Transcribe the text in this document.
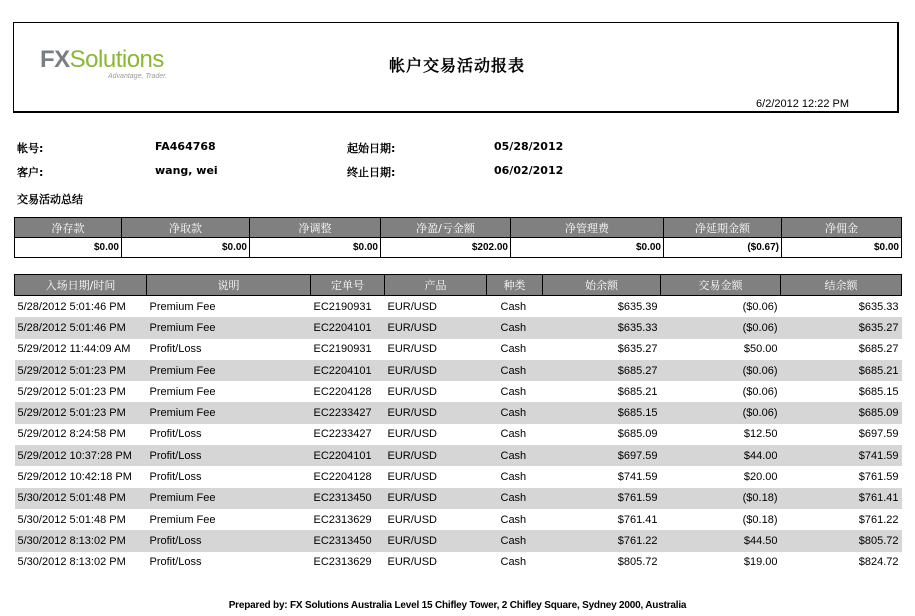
FXSolutions
Advantage, Trader.
帐户交易活动报表
6/2/2012 12:22 PM
帐号:	FA464768	起始日期:	05/28/2012
客户:	wang, wei	终止日期:	06/02/2012
交易活动总结
净存款	净取款	净调整	净盈/亏金额	净管理费	净延期金额	净佣金
$0.00	$0.00	$0.00	$202.00	$0.00	($0.67)	$0.00
入场日期/时间	说明	定单号	产品	种类	始余额	交易金额	结余额
5/28/2012 5:01:46 PM	Premium Fee	EC2190931	EUR/USD	Cash	$635.39	($0.06)	$635.33
5/28/2012 5:01:46 PM	Premium Fee	EC2204101	EUR/USD	Cash	$635.33	($0.06)	$635.27
5/29/2012 11:44:09 AM	Profit/Loss	EC2190931	EUR/USD	Cash	$635.27	$50.00	$685.27
5/29/2012 5:01:23 PM	Premium Fee	EC2204101	EUR/USD	Cash	$685.27	($0.06)	$685.21
5/29/2012 5:01:23 PM	Premium Fee	EC2204128	EUR/USD	Cash	$685.21	($0.06)	$685.15
5/29/2012 5:01:23 PM	Premium Fee	EC2233427	EUR/USD	Cash	$685.15	($0.06)	$685.09
5/29/2012 8:24:58 PM	Profit/Loss	EC2233427	EUR/USD	Cash	$685.09	$12.50	$697.59
5/29/2012 10:37:28 PM	Profit/Loss	EC2204101	EUR/USD	Cash	$697.59	$44.00	$741.59
5/29/2012 10:42:18 PM	Profit/Loss	EC2204128	EUR/USD	Cash	$741.59	$20.00	$761.59
5/30/2012 5:01:48 PM	Premium Fee	EC2313450	EUR/USD	Cash	$761.59	($0.18)	$761.41
5/30/2012 5:01:48 PM	Premium Fee	EC2313629	EUR/USD	Cash	$761.41	($0.18)	$761.22
5/30/2012 8:13:02 PM	Profit/Loss	EC2313450	EUR/USD	Cash	$761.22	$44.50	$805.72
5/30/2012 8:13:02 PM	Profit/Loss	EC2313629	EUR/USD	Cash	$805.72	$19.00	$824.72
Prepared by: FX Solutions Australia Level 15 Chifley Tower, 2 Chifley Square, Sydney 2000, Australia
